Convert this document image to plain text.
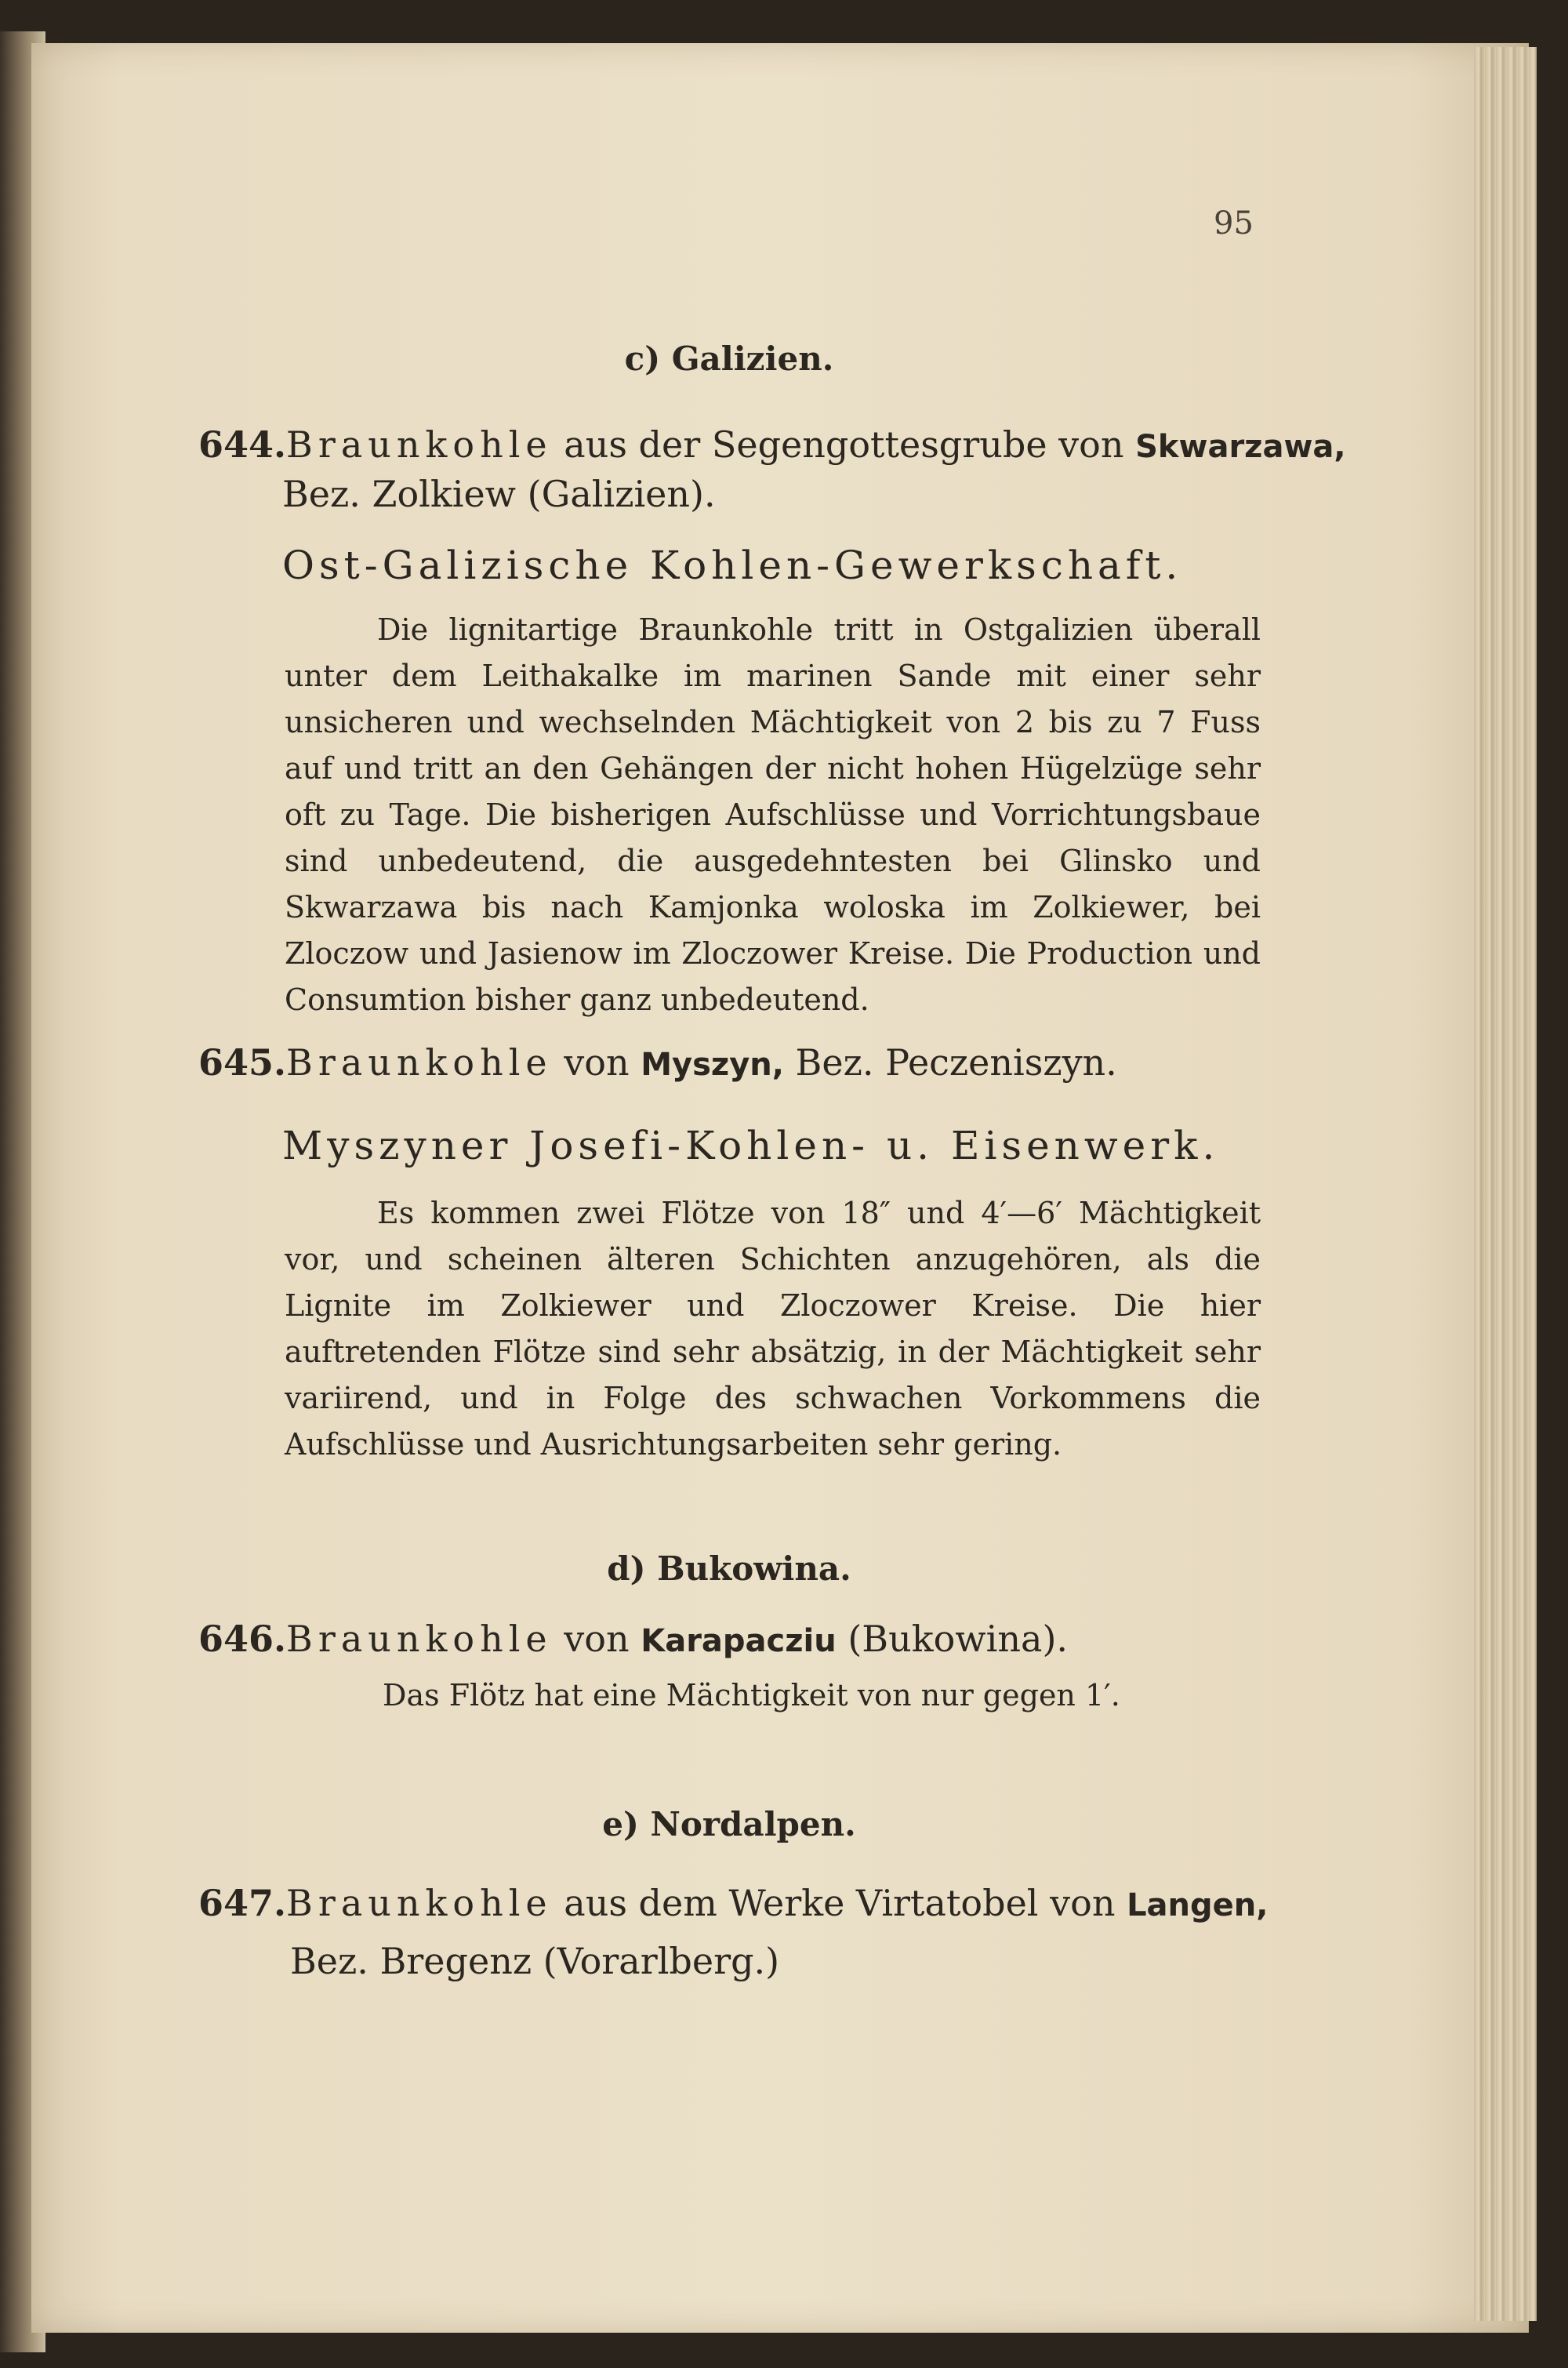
95
c) Galizien.
644.Braunkohle aus der Segengottesgrube von Skwarzawa,
Bez. Zolkiew (Galizien).
Ost-Galizische Kohlen-Gewerkschaft.
Die lignitartige Braunkohle tritt in Ostgalizien überall unter dem Leithakalke im marinen Sande mit einer sehr unsicheren und wechselnden Mächtigkeit von 2 bis zu 7 Fuss auf und tritt an den Gehängen der nicht hohen Hügelzüge sehr oft zu Tage. Die bisherigen Aufschlüsse und Vorrichtungsbaue sind unbedeutend, die ausgedehntesten bei Glinsko und Skwarzawa bis nach Kamjonka woloska im Zolkiewer, bei Zloczow und Jasienow im Zloczower Kreise. Die Production und Consumtion bisher ganz unbedeutend.
645.Braunkohle von Myszyn, Bez. Peczeniszyn.
Myszyner Josefi-Kohlen- u. Eisenwerk.
Es kommen zwei Flötze von 18″ und 4′—6′ Mächtigkeit vor, und scheinen älteren Schichten anzugehören, als die Lignite im Zolkiewer und Zloczower Kreise. Die hier auftretenden Flötze sind sehr absätzig, in der Mächtigkeit sehr variirend, und in Folge des schwachen Vorkommens die Aufschlüsse und Ausrichtungsarbeiten sehr gering.
d) Bukowina.
646.Braunkohle von Karapacziu (Bukowina).
Das Flötz hat eine Mächtigkeit von nur gegen 1′.
e) Nordalpen.
647.Braunkohle aus dem Werke Virtatobel von Langen,
Bez. Bregenz (Vorarlberg.)
